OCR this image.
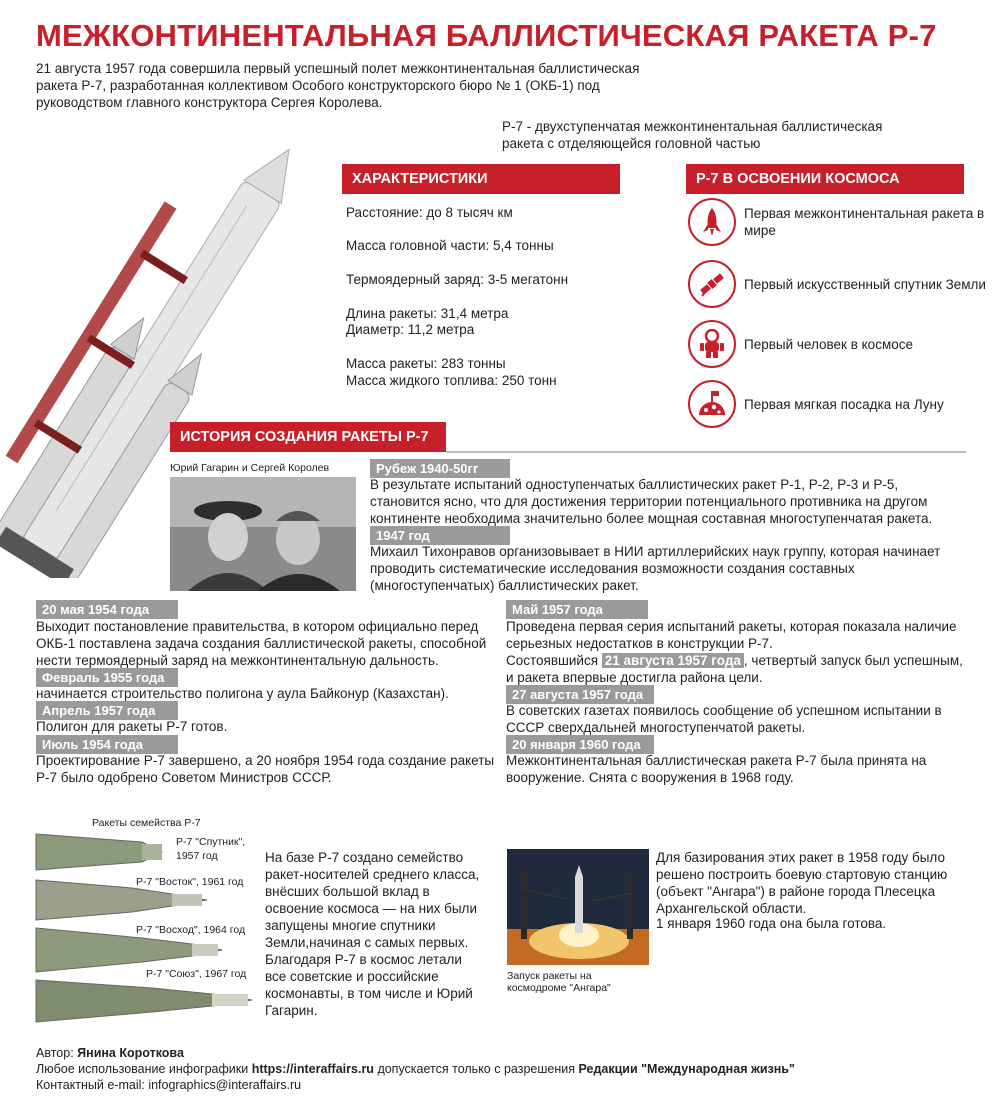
МЕЖКОНТИНЕНТАЛЬНАЯ БАЛЛИСТИЧЕСКАЯ РАКЕТА Р-7
21 августа 1957 года совершила первый успешный полет межконтинентальная баллистическая ракета Р-7, разработанная коллективом Особого конструкторского бюро № 1 (ОКБ-1) под руководством главного конструктора Сергея Королева.
Р-7 - двухступенчатая межконтинентальная баллистическая ракета с отделяющейся головной частью
ХАРАКТЕРИСТИКИ
Расстояние: до 8 тысяч км
Масса головной части: 5,4 тонны
Термоядерный заряд: 3-5 мегатонн
Длина ракеты: 31,4 метра
Диаметр: 11,2 метра
Масса ракеты: 283 тонны
Масса жидкого топлива: 250 тонн
Р-7 В ОСВОЕНИИ КОСМОСА
Первая межконтинентальная ракета в мире
Первый искусственный спутник Земли
Первый человек в космосе
Первая мягкая посадка на Луну
ИСТОРИЯ СОЗДАНИЯ РАКЕТЫ Р-7
Юрий Гагарин и Сергей Королев	Рубеж 1940-50гг
В результате испытаний одноступенчатых баллистических ракет Р-1, Р-2, Р-3 и Р-5, становится ясно, что для достижения территории потенциального противника на другом континенте необходима значительно более мощная составная многоступенчатая ракета.
1947 год
Михаил Тихонравов организовывает в НИИ артиллерийских наук группу, которая начинает проводить систематические исследования возможности создания составных (многоступенчатых) баллистических ракет.
20 мая 1954 года
Выходит постановление правительства, в котором официально перед ОКБ-1 поставлена задача создания баллистической ракеты, способной нести термоядерный заряд на межконтинентальную дальность.
Февраль 1955 года
начинается строительство полигона у аула Байконур (Казахстан).
Апрель 1957 года
Полигон для ракеты Р-7 готов.
Июль 1954 года
Проектирование Р-7 завершено, а 20 ноября 1954 года создание ракеты Р-7 было одобрено Советом Министров СССР.
Май 1957 года
Проведена первая серия испытаний ракеты, которая показала наличие серьезных недостатков в конструкции Р-7.
Состоявшийся 21 августа 1957 года , четвертый запуск был успешным, и ракета впервые достигла района цели.
27 августа 1957 года
В советских газетах появилось сообщение об успешном испытании в СССР сверхдальней многоступенчатой ракеты.
20 января 1960 года
Межконтинентальная баллистическая ракета Р-7 была принята на вооружение. Снята с вооружения в 1968 году.
Ракеты семейства Р-7
Р-7 "Спутник",
1957 год
Р-7 "Восток", 1961 год
Р-7 "Восход", 1964 год
Р-7 "Союз", 1967 год
На базе Р-7 создано семейство ракет-носителей среднего класса, внёсших большой вклад в освоение космоса — на них были запущены многие спутники Земли,начиная с самых первых. Благодаря Р-7 в космос летали все советские и российские космонавты, в том числе и Юрий Гагарин.
Запуск ракеты на космодроме "Ангара"
Для базирования этих ракет в 1958 году было решено построить боевую стартовую станцию (объект "Ангара") в районе города Плесецка Архангельской области.
1 января 1960 года она была готова.
Автор: Янина Короткова
Любое использование инфографики https://interaffairs.ru допускается только с разрешения Редакции "Международная жизнь"
Контактный e-mail: infographics@interaffairs.ru
